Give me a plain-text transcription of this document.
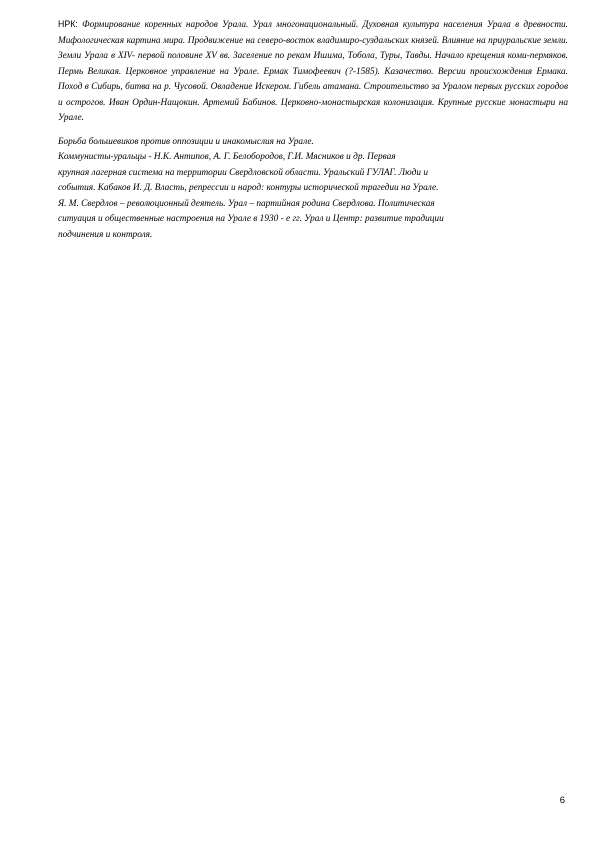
НРК: Формирование коренных народов Урала. Урал многонациональный. Духовная культура населения Урала в древности. Мифологическая картина мира. Продвижение на северо-восток владимиро-суздальских князей. Влияние на приуральские земли. Земли Урала в XIV- первой половине XV вв. Заселение по рекам Ишима, Тобола, Туры, Тавды. Начало крещения коми-пермяков. Пермь Великая. Церковное управление на Урале. Ермак Тимофеевич (?-1585). Казачество. Версии происхождения Ермака. Поход в Сибирь, битва на р. Чусовой. Овладение Искером. Гибель атамана. Строительство за Уралом первых русских городов и острогов. Иван Ордин-Нащокин. Артемий Бабинов. Церковно-монастырская колонизация. Крупные русские монастыри на Урале.

Борьба большевиков против оппозиции и инакомыслия на Урале.
Коммунисты-уральцы - Н.К. Антипов, А. Г. Белобородов, Г.И. Мясников и др. Первая
крупная лагерная система на территории Свердловской области. Уральский ГУЛАГ. Люди и
события. Кабаков И. Д. Власть, репрессии и народ: контуры исторической трагедии на Урале.
Я. М. Свердлов – революционный деятель. Урал – партийная родина Свердлова. Политическая
ситуация и общественные настроения на Урале в 1930 - е гг. Урал и Центр: развитие традиции
подчинения и контроля.
6
